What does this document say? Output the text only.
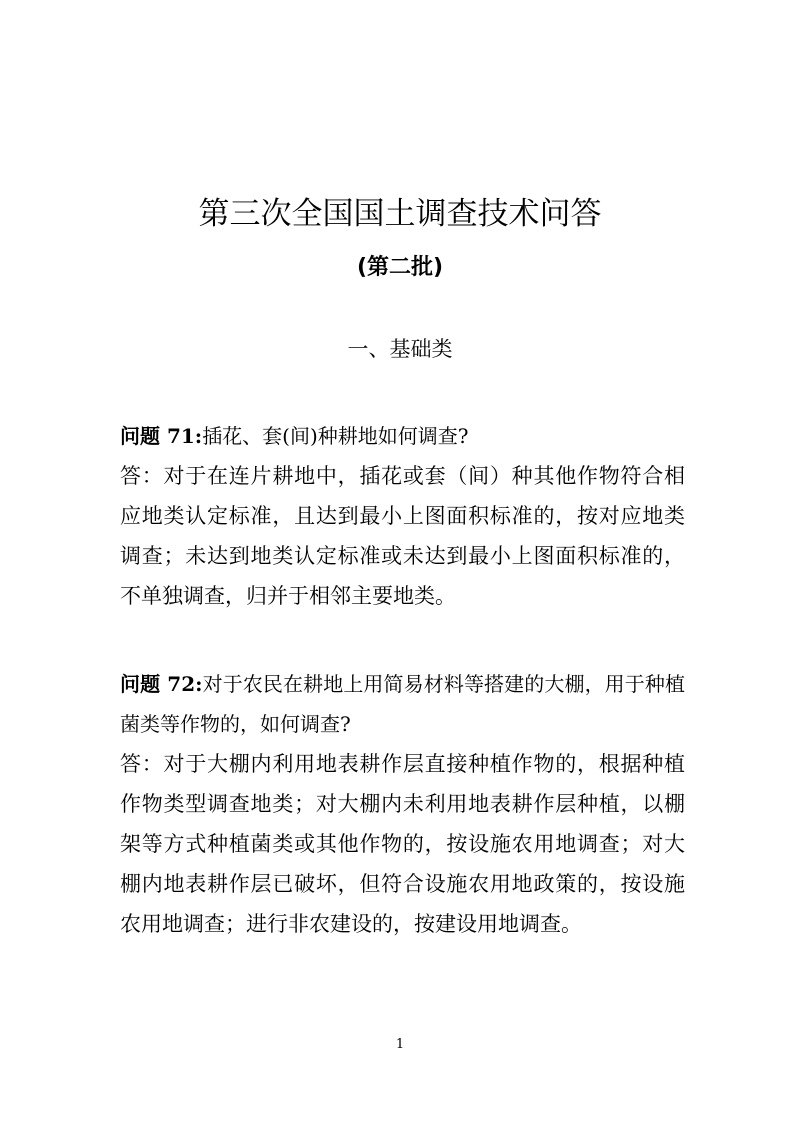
第三次全国国土调查技术问答
(第二批)
一、基础类

问题 71:插花、套(间)种耕地如何调查?

答：对于在连片耕地中，插花或套（间）种其他作物符合相应地类认定标准，且达到最小上图面积标准的，按对应地类调查；未达到地类认定标准或未达到最小上图面积标准的，不单独调查，归并于相邻主要地类。

问题 72:对于农民在耕地上用简易材料等搭建的大棚，用于种植菌类等作物的，如何调查?

答：对于大棚内利用地表耕作层直接种植作物的，根据种植作物类型调查地类；对大棚内未利用地表耕作层种植，以棚架等方式种植菌类或其他作物的，按设施农用地调查；对大棚内地表耕作层已破坏，但符合设施农用地政策的，按设施农用地调查；进行非农建设的，按建设用地调查。

1
